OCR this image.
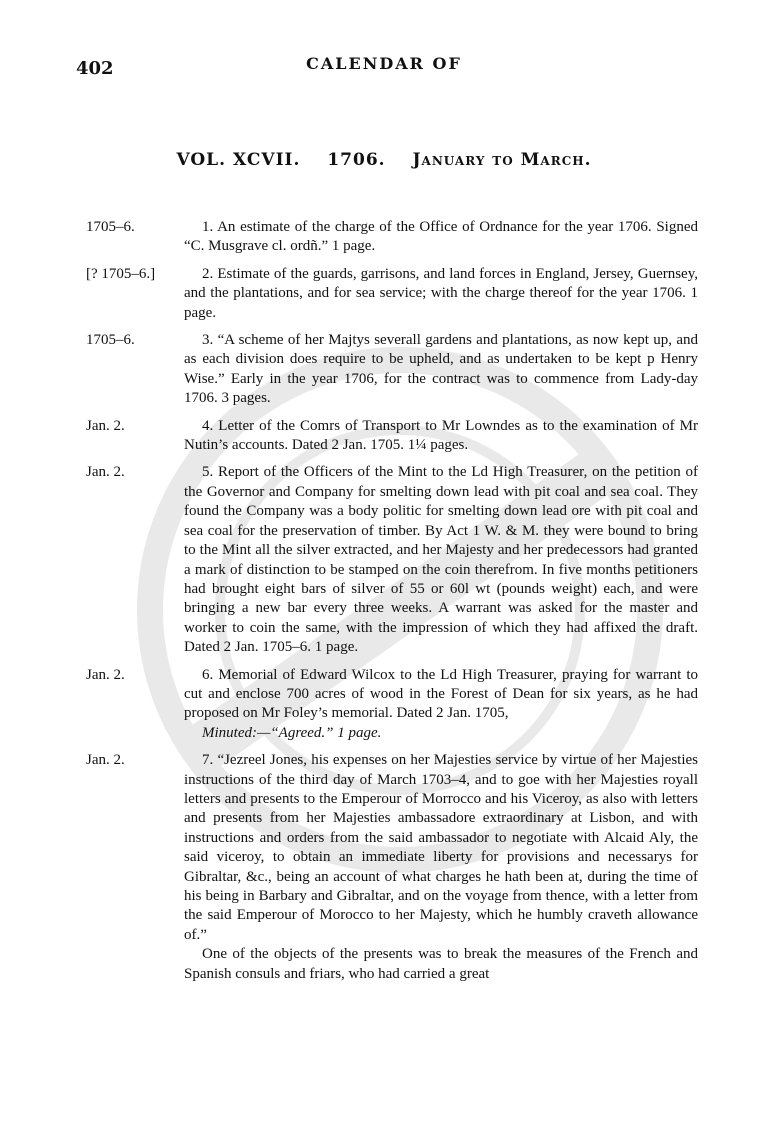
402	CALENDAR OF
VOL. XCVII. 1706. January to March.
1705–6.	1. An estimate of the charge of the Office of Ordnance for the year 1706. Signed “C. Musgrave cl. ordñ.” 1 page.
[? 1705–6.]	2. Estimate of the guards, garrisons, and land forces in England, Jersey, Guernsey, and the plantations, and for sea service; with the charge thereof for the year 1706. 1 page.
1705–6.	3. “A scheme of her Majtys severall gardens and plantations, as now kept up, and as each division does require to be upheld, and as undertaken to be kept p Henry Wise.” Early in the year 1706, for the contract was to commence from Lady-day 1706. 3 pages.
Jan. 2.	4. Letter of the Comrs of Transport to Mr Lowndes as to the examination of Mr Nutin’s accounts. Dated 2 Jan. 1705. 1¼ pages.
Jan. 2.	5. Report of the Officers of the Mint to the Ld High Treasurer, on the petition of the Governor and Company for smelting down lead with pit coal and sea coal. They found the Company was a body politic for smelting down lead ore with pit coal and sea coal for the preservation of timber. By Act 1 W. & M. they were bound to bring to the Mint all the silver extracted, and her Majesty and her predecessors had granted a mark of distinction to be stamped on the coin therefrom. In five months petitioners had brought eight bars of silver of 55 or 60l wt (pounds weight) each, and were bringing a new bar every three weeks. A warrant was asked for the master and worker to coin the same, with the impression of which they had affixed the draft. Dated 2 Jan. 1705–6. 1 page.
Jan. 2.	6. Memorial of Edward Wilcox to the Ld High Treasurer, praying for warrant to cut and enclose 700 acres of wood in the Forest of Dean for six years, as he had proposed on Mr Foley’s memorial. Dated 2 Jan. 1705,
Minuted:—“Agreed.” 1 page.
Jan. 2.	7. “Jezreel Jones, his expenses on her Majesties service by virtue of her Majesties instructions of the third day of March 1703–4, and to goe with her Majesties royall letters and presents to the Emperour of Morrocco and his Viceroy, as also with letters and presents from her Majesties ambassadore extraordinary at Lisbon, and with instructions and orders from the said ambassador to negotiate with Alcaid Aly, the said viceroy, to obtain an immediate liberty for provisions and necessarys for Gibraltar, &c., being an account of what charges he hath been at, during the time of his being in Barbary and Gibraltar, and on the voyage from thence, with a letter from the said Emperour of Morocco to her Majesty, which he humbly craveth allowance of.”

One of the objects of the presents was to break the measures of the French and Spanish consuls and friars, who had carried a great
